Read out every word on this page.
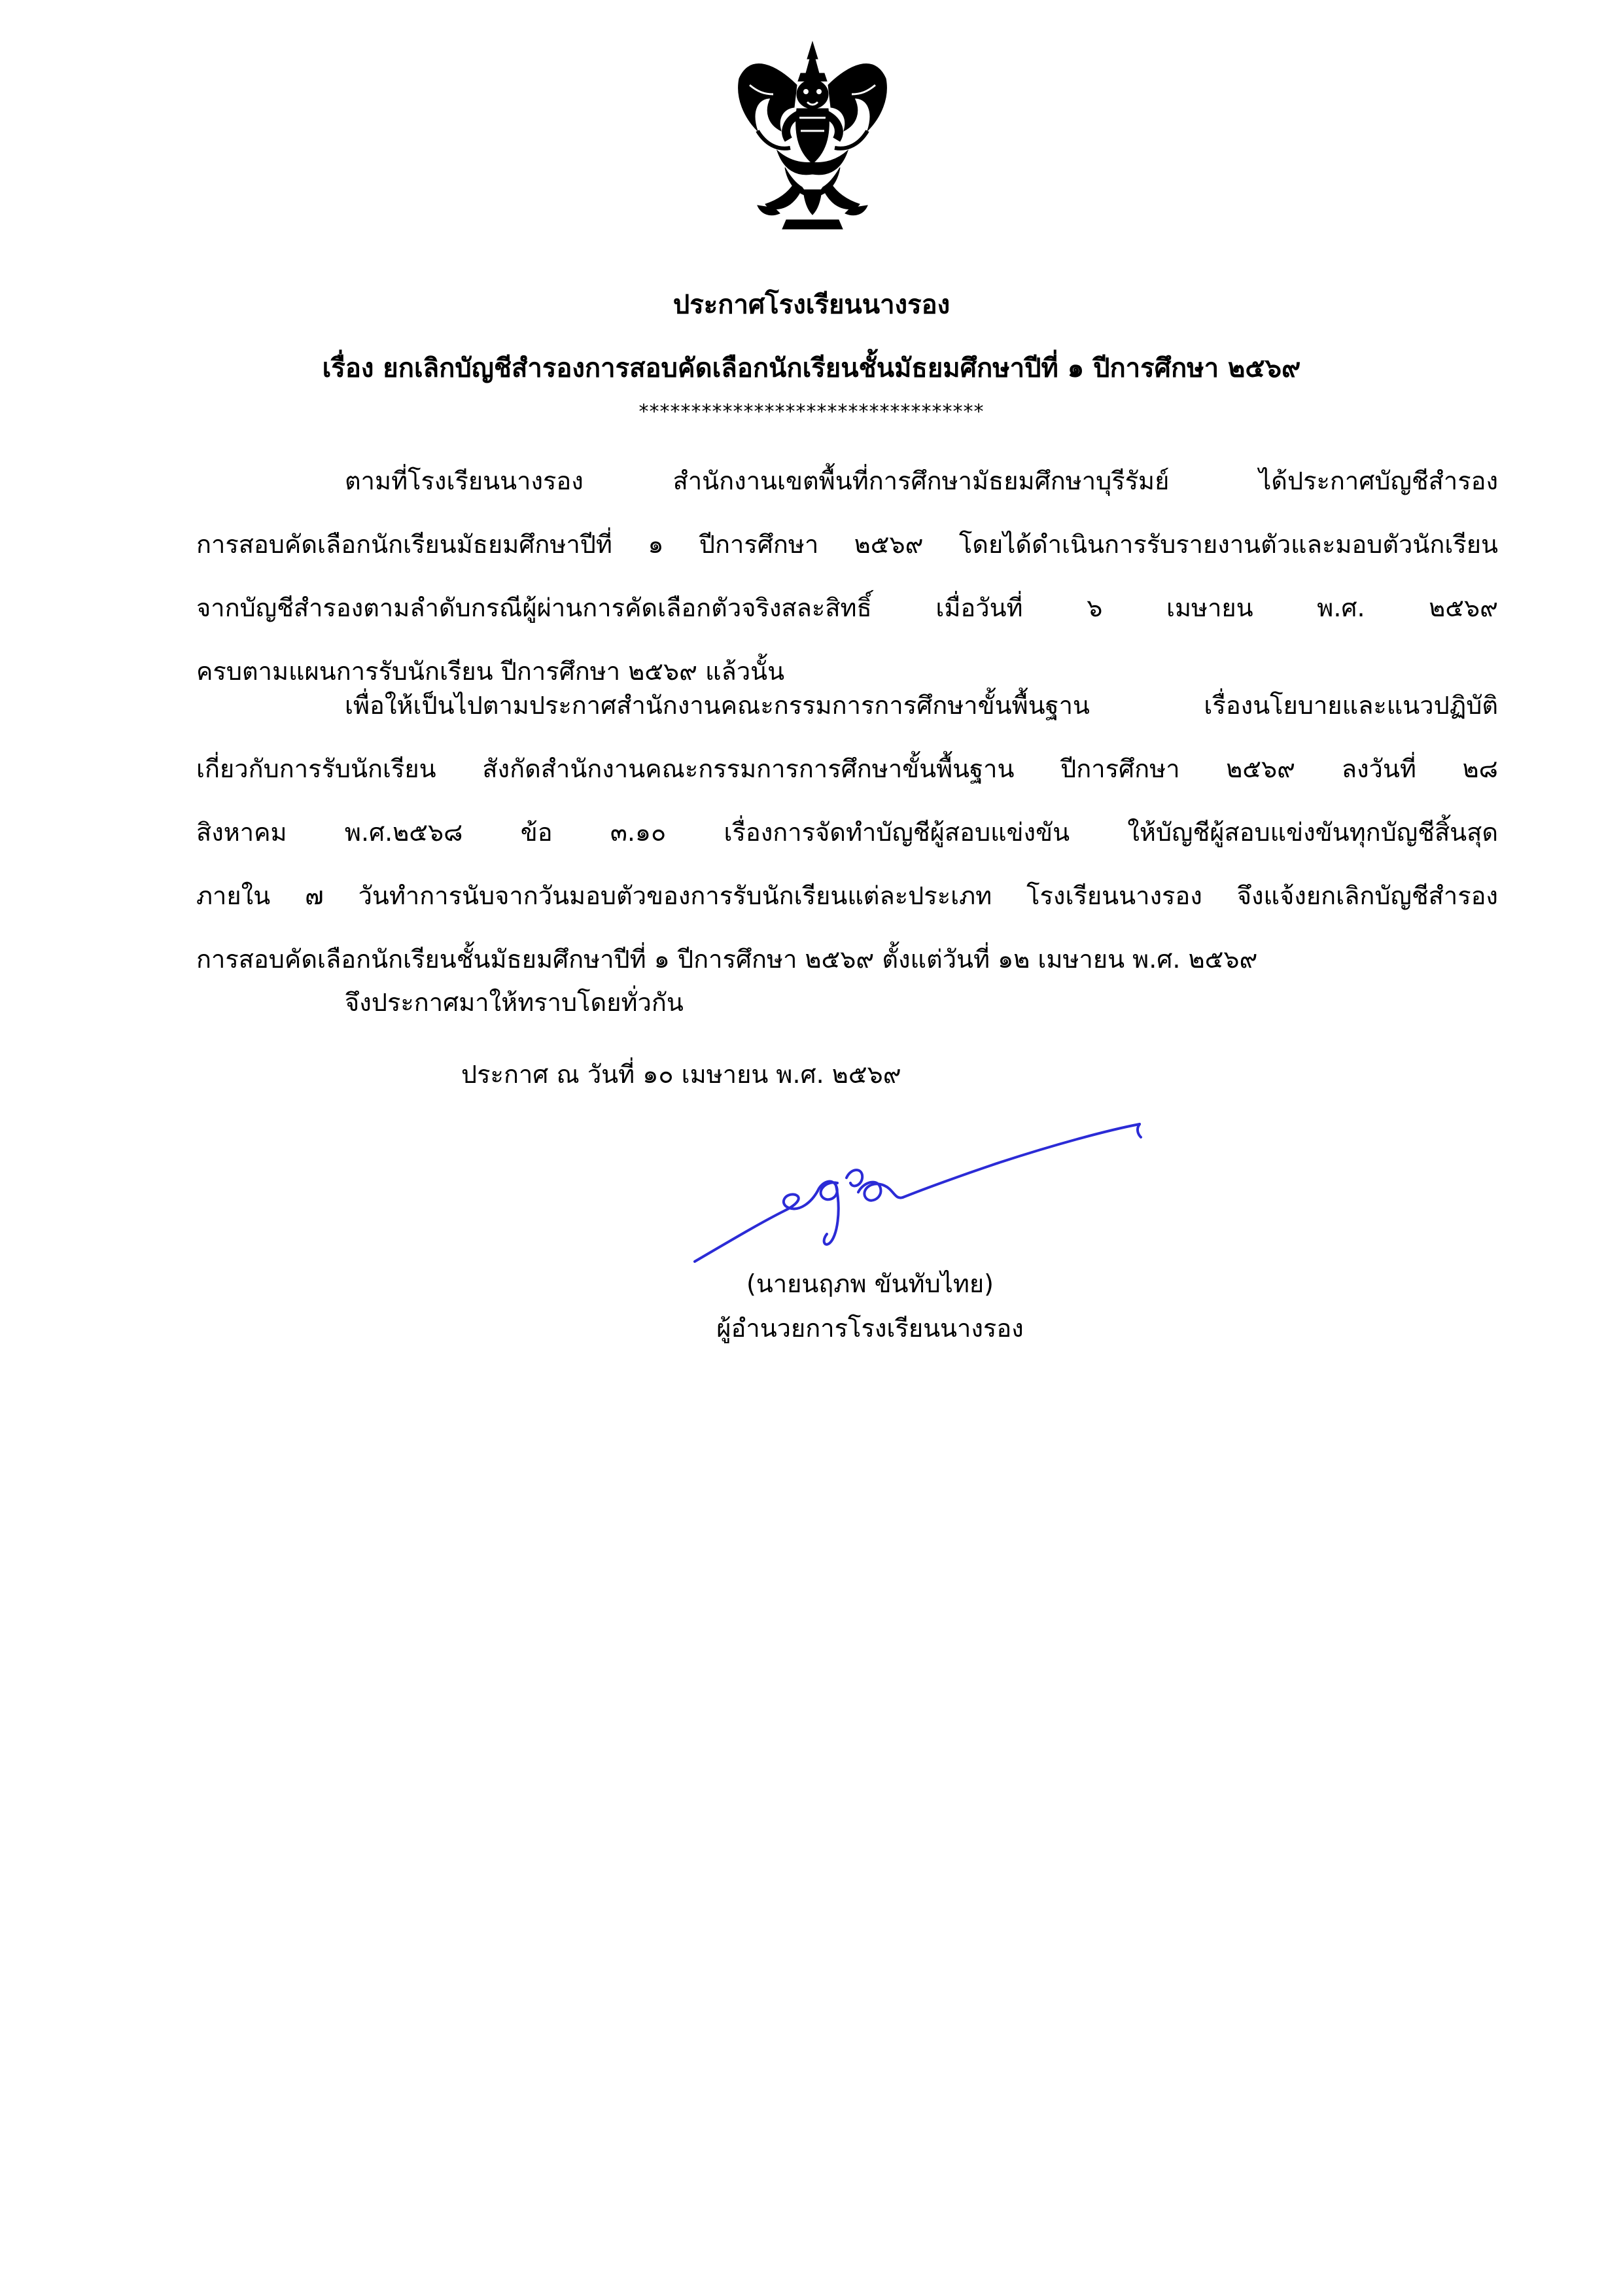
ประกาศโรงเรียนนางรอง
เรื่อง ยกเลิกบัญชีสำรองการสอบคัดเลือกนักเรียนชั้นมัธยมศึกษาปีที่ ๑ ปีการศึกษา ๒๕๖๙
*********************************
ตามที่โรงเรียนนางรอง สำนักงานเขตพื้นที่การศึกษามัธยมศึกษาบุรีรัมย์ ได้ประกาศบัญชีสำรอง
การสอบคัดเลือกนักเรียนมัธยมศึกษาปีที่ ๑ ปีการศึกษา ๒๕๖๙ โดยได้ดำเนินการรับรายงานตัวและมอบตัวนักเรียน
จากบัญชีสำรองตามลำดับกรณีผู้ผ่านการคัดเลือกตัวจริงสละสิทธิ์ เมื่อวันที่ ๖ เมษายน พ.ศ. ๒๕๖๙
ครบตามแผนการรับนักเรียน ปีการศึกษา ๒๕๖๙ แล้วนั้น
เพื่อให้เป็นไปตามประกาศสำนักงานคณะกรรมการการศึกษาขั้นพื้นฐาน เรื่องนโยบายและแนวปฏิบัติ
เกี่ยวกับการรับนักเรียน สังกัดสำนักงานคณะกรรมการการศึกษาขั้นพื้นฐาน ปีการศึกษา ๒๕๖๙ ลงวันที่ ๒๘
สิงหาคม พ.ศ.๒๕๖๘ ข้อ ๓.๑๐ เรื่องการจัดทำบัญชีผู้สอบแข่งขัน ให้บัญชีผู้สอบแข่งขันทุกบัญชีสิ้นสุด
ภายใน ๗ วันทำการนับจากวันมอบตัวของการรับนักเรียนแต่ละประเภท โรงเรียนนางรอง จึงแจ้งยกเลิกบัญชีสำรอง
การสอบคัดเลือกนักเรียนชั้นมัธยมศึกษาปีที่ ๑ ปีการศึกษา ๒๕๖๙ ตั้งแต่วันที่ ๑๒ เมษายน พ.ศ. ๒๕๖๙
จึงประกาศมาให้ทราบโดยทั่วกัน
ประกาศ ณ วันที่ ๑๐ เมษายน พ.ศ. ๒๕๖๙
(นายนฤภพ ขันทับไทย)
ผู้อำนวยการโรงเรียนนางรอง
